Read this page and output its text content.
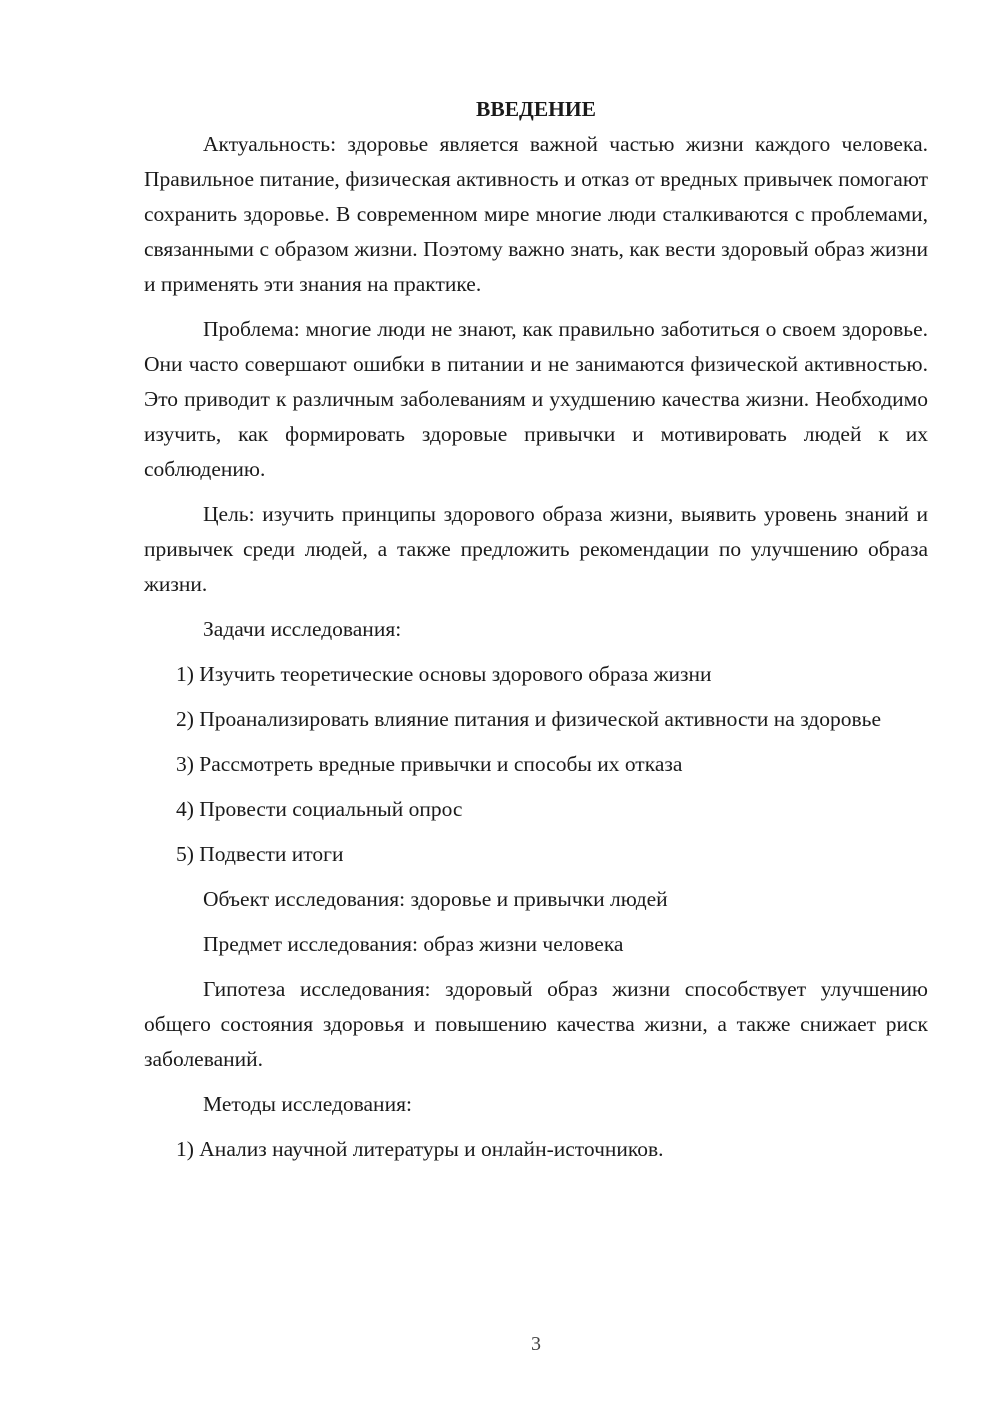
ВВЕДЕНИЕ

Актуальность: здоровье является важной частью жизни каждого человека. Правильное питание, физическая активность и отказ от вредных привычек помогают сохранить здоровье. В современном мире многие люди сталкиваются с проблемами, связанными с образом жизни. Поэтому важно знать, как вести здоровый образ жизни и применять эти знания на практике.

Проблема: многие люди не знают, как правильно заботиться о своем здоровье. Они часто совершают ошибки в питании и не занимаются физической активностью. Это приводит к различным заболеваниям и ухудшению качества жизни. Необходимо изучить, как формировать здоровые привычки и мотивировать людей к их соблюдению.

Цель: изучить принципы здорового образа жизни, выявить уровень знаний и привычек среди людей, а также предложить рекомендации по улучшению образа жизни.

Задачи исследования:

1) Изучить теоретические основы здорового образа жизни

2) Проанализировать влияние питания и физической активности на здоровье

3) Рассмотреть вредные привычки и способы их отказа

4) Провести социальный опрос

5) Подвести итоги

Объект исследования: здоровье и привычки людей

Предмет исследования: образ жизни человека

Гипотеза исследования: здоровый образ жизни способствует улучшению общего состояния здоровья и повышению качества жизни, а также снижает риск заболеваний.

Методы исследования:

1) Анализ научной литературы и онлайн-источников.

3
